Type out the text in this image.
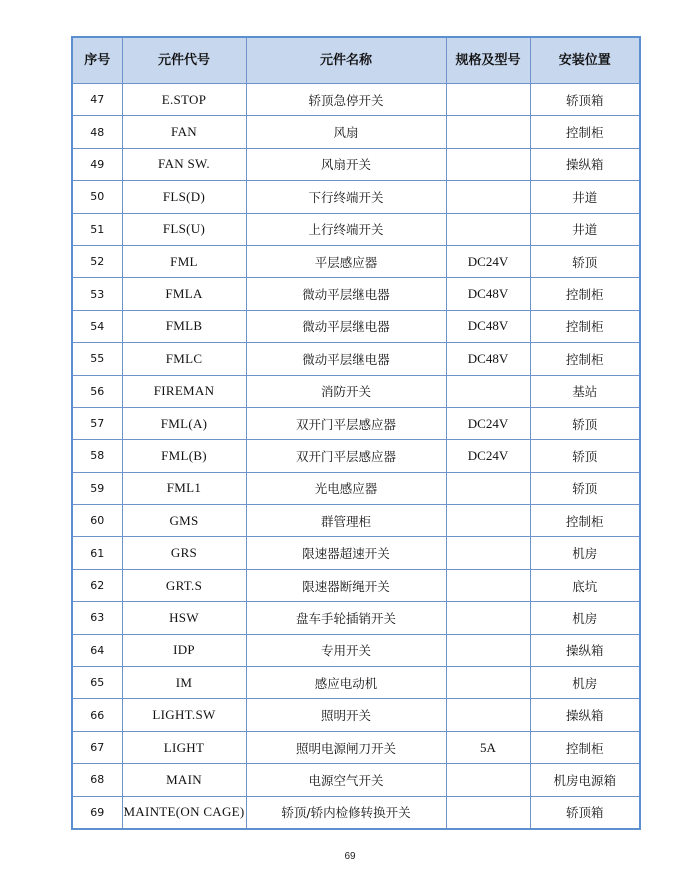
序号	元件代号	元件名称	规格及型号	安装位置
47	E.STOP	轿顶急停开关		轿顶箱
48	FAN	风扇		控制柜
49	FAN SW.	风扇开关		操纵箱
50	FLS(D)	下行终端开关		井道
51	FLS(U)	上行终端开关		井道
52	FML	平层感应器	DC24V	轿顶
53	FMLA	微动平层继电器	DC48V	控制柜
54	FMLB	微动平层继电器	DC48V	控制柜
55	FMLC	微动平层继电器	DC48V	控制柜
56	FIREMAN	消防开关		基站
57	FML(A)	双开门平层感应器	DC24V	轿顶
58	FML(B)	双开门平层感应器	DC24V	轿顶
59	FML1	光电感应器		轿顶
60	GMS	群管理柜		控制柜
61	GRS	限速器超速开关		机房
62	GRT.S	限速器断绳开关		底坑
63	HSW	盘车手轮插销开关		机房
64	IDP	专用开关		操纵箱
65	IM	感应电动机		机房
66	LIGHT.SW	照明开关		操纵箱
67	LIGHT	照明电源闸刀开关	5A	控制柜
68	MAIN	电源空气开关		机房电源箱
69	MAINTE(ON CAGE)	轿顶/轿内检修转换开关		轿顶箱
69
